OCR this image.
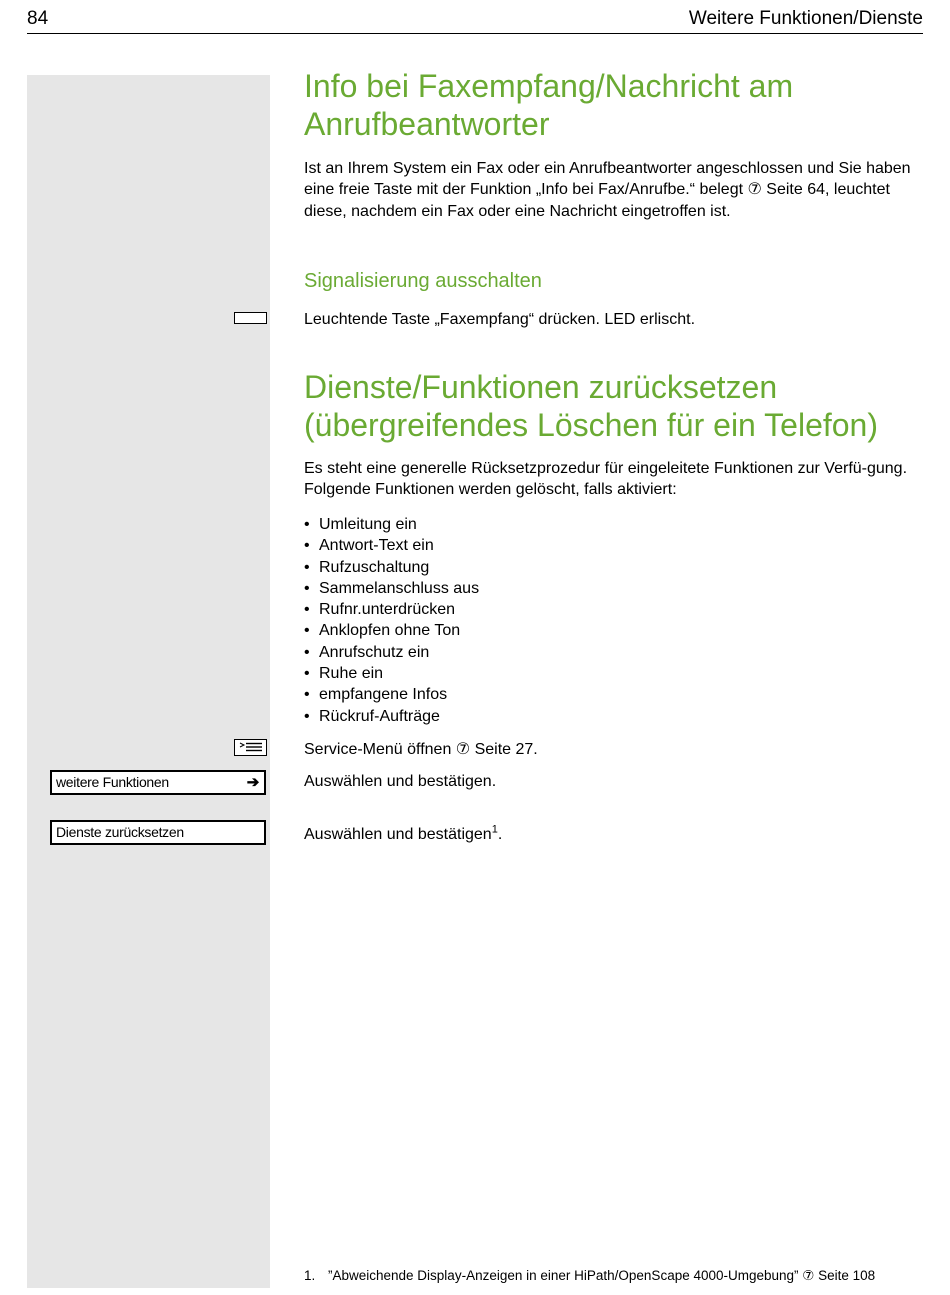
84	Weitere Funktionen/Dienste
Info bei Faxempfang/Nachricht am Anrufbeantworter

Ist an Ihrem System ein Fax oder ein Anrufbeantworter angeschlossen und Sie haben eine freie Taste mit der Funktion „Info bei Fax/Anrufbe.“ belegt ⑦ Seite 64, leuchtet diese, nachdem ein Fax oder eine Nachricht eingetroffen ist.

Signalisierung ausschalten

Leuchtende Taste „Faxempfang“ drücken. LED erlischt.

Dienste/Funktionen zurücksetzen (übergreifendes Löschen für ein Telefon)

Es steht eine generelle Rücksetzprozedur für eingeleitete Funktionen zur Verfü-gung. Folgende Funktionen werden gelöscht, falls aktiviert:

• Umleitung ein
• Antwort-Text ein
• Rufzuschaltung
• Sammelanschluss aus
• Rufnr.unterdrücken
• Anklopfen ohne Ton
• Anrufschutz ein
• Ruhe ein
• empfangene Infos
• Rückruf-Aufträge

Service-Menü öffnen ⑦ Seite 27.

weitere Funktionen	➔	Auswählen und bestätigen.

Dienste zurücksetzen	Auswählen und bestätigen$^1$.

1. ”Abweichende Display-Anzeigen in einer HiPath/OpenScape 4000-Umgebung” ⑦ Seite 108
